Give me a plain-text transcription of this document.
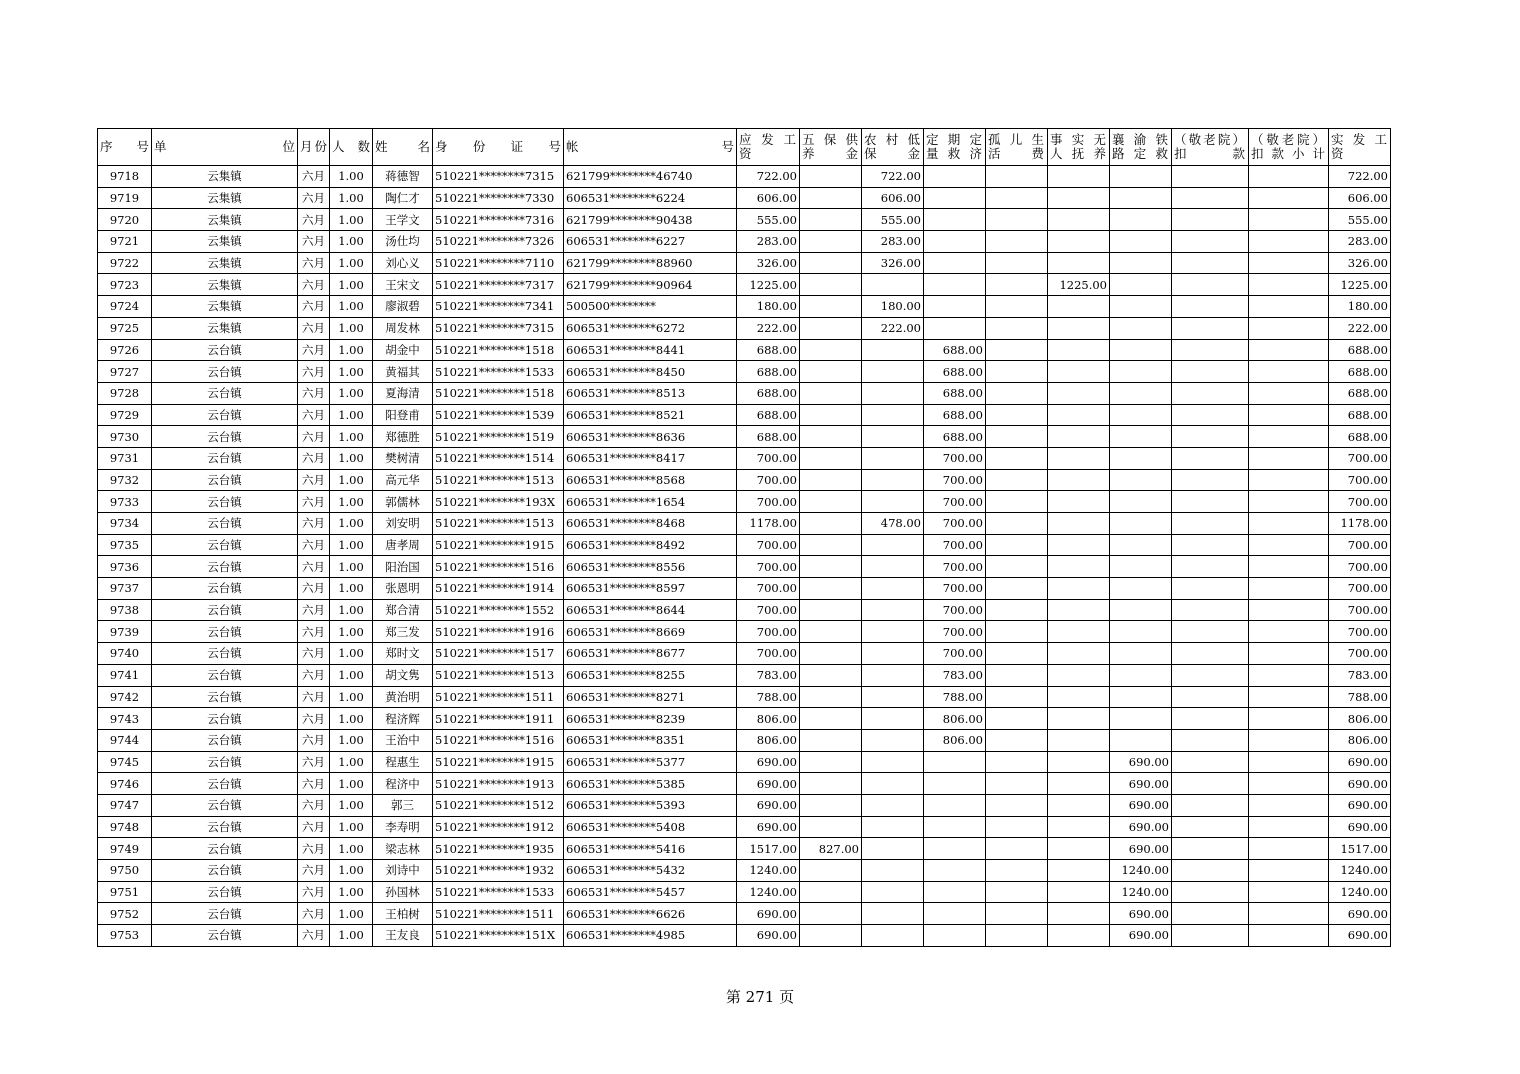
序 号	单 位	月份	人 数	姓 名	身 份 证 号	帐 号	应 发 工 资	五 保 供 养 金	农 村 低 保 金	定 期 定 量 救 济	孤 儿 生 活 费	事 实 无 人 抚 养	襄 渝 铁 路 定 救	（敬老院）扣 款	（敬老院）扣款小计	实 发 工 资
9718	云集镇	六月	1.00	蒋德智	510221********7315	621799********46740	722.00		722.00							722.00
9719	云集镇	六月	1.00	陶仁才	510221********7330	606531********6224	606.00		606.00							606.00
9720	云集镇	六月	1.00	王学文	510221********7316	621799********90438	555.00		555.00							555.00
9721	云集镇	六月	1.00	汤仕均	510221********7326	606531********6227	283.00		283.00							283.00
9722	云集镇	六月	1.00	刘心义	510221********7110	621799********88960	326.00		326.00							326.00
9723	云集镇	六月	1.00	王宋文	510221********7317	621799********90964	1225.00					1225.00				1225.00
9724	云集镇	六月	1.00	廖淑碧	510221********7341	500500********	180.00		180.00							180.00
9725	云集镇	六月	1.00	周发林	510221********7315	606531********6272	222.00		222.00							222.00
9726	云台镇	六月	1.00	胡金中	510221********1518	606531********8441	688.00			688.00						688.00
9727	云台镇	六月	1.00	黄福其	510221********1533	606531********8450	688.00			688.00						688.00
9728	云台镇	六月	1.00	夏海清	510221********1518	606531********8513	688.00			688.00						688.00
9729	云台镇	六月	1.00	阳登甫	510221********1539	606531********8521	688.00			688.00						688.00
9730	云台镇	六月	1.00	郑德胜	510221********1519	606531********8636	688.00			688.00						688.00
9731	云台镇	六月	1.00	樊树清	510221********1514	606531********8417	700.00			700.00						700.00
9732	云台镇	六月	1.00	高元华	510221********1513	606531********8568	700.00			700.00						700.00
9733	云台镇	六月	1.00	郭儒林	510221********193X	606531********1654	700.00			700.00						700.00
9734	云台镇	六月	1.00	刘安明	510221********1513	606531********8468	1178.00		478.00	700.00						1178.00
9735	云台镇	六月	1.00	唐孝周	510221********1915	606531********8492	700.00			700.00						700.00
9736	云台镇	六月	1.00	阳治国	510221********1516	606531********8556	700.00			700.00						700.00
9737	云台镇	六月	1.00	张恩明	510221********1914	606531********8597	700.00			700.00						700.00
9738	云台镇	六月	1.00	郑合清	510221********1552	606531********8644	700.00			700.00						700.00
9739	云台镇	六月	1.00	郑三发	510221********1916	606531********8669	700.00			700.00						700.00
9740	云台镇	六月	1.00	郑时文	510221********1517	606531********8677	700.00			700.00						700.00
9741	云台镇	六月	1.00	胡文隽	510221********1513	606531********8255	783.00			783.00						783.00
9742	云台镇	六月	1.00	黄治明	510221********1511	606531********8271	788.00			788.00						788.00
9743	云台镇	六月	1.00	程济辉	510221********1911	606531********8239	806.00			806.00						806.00
9744	云台镇	六月	1.00	王治中	510221********1516	606531********8351	806.00			806.00						806.00
9745	云台镇	六月	1.00	程惠生	510221********1915	606531********5377	690.00						690.00			690.00
9746	云台镇	六月	1.00	程济中	510221********1913	606531********5385	690.00						690.00			690.00
9747	云台镇	六月	1.00	郭三	510221********1512	606531********5393	690.00						690.00			690.00
9748	云台镇	六月	1.00	李寿明	510221********1912	606531********5408	690.00						690.00			690.00
9749	云台镇	六月	1.00	梁志林	510221********1935	606531********5416	1517.00	827.00					690.00			1517.00
9750	云台镇	六月	1.00	刘诗中	510221********1932	606531********5432	1240.00						1240.00			1240.00
9751	云台镇	六月	1.00	孙国林	510221********1533	606531********5457	1240.00						1240.00			1240.00
9752	云台镇	六月	1.00	王柏树	510221********1511	606531********6626	690.00						690.00			690.00
9753	云台镇	六月	1.00	王友良	510221********151X	606531********4985	690.00						690.00			690.00
第 271 页
